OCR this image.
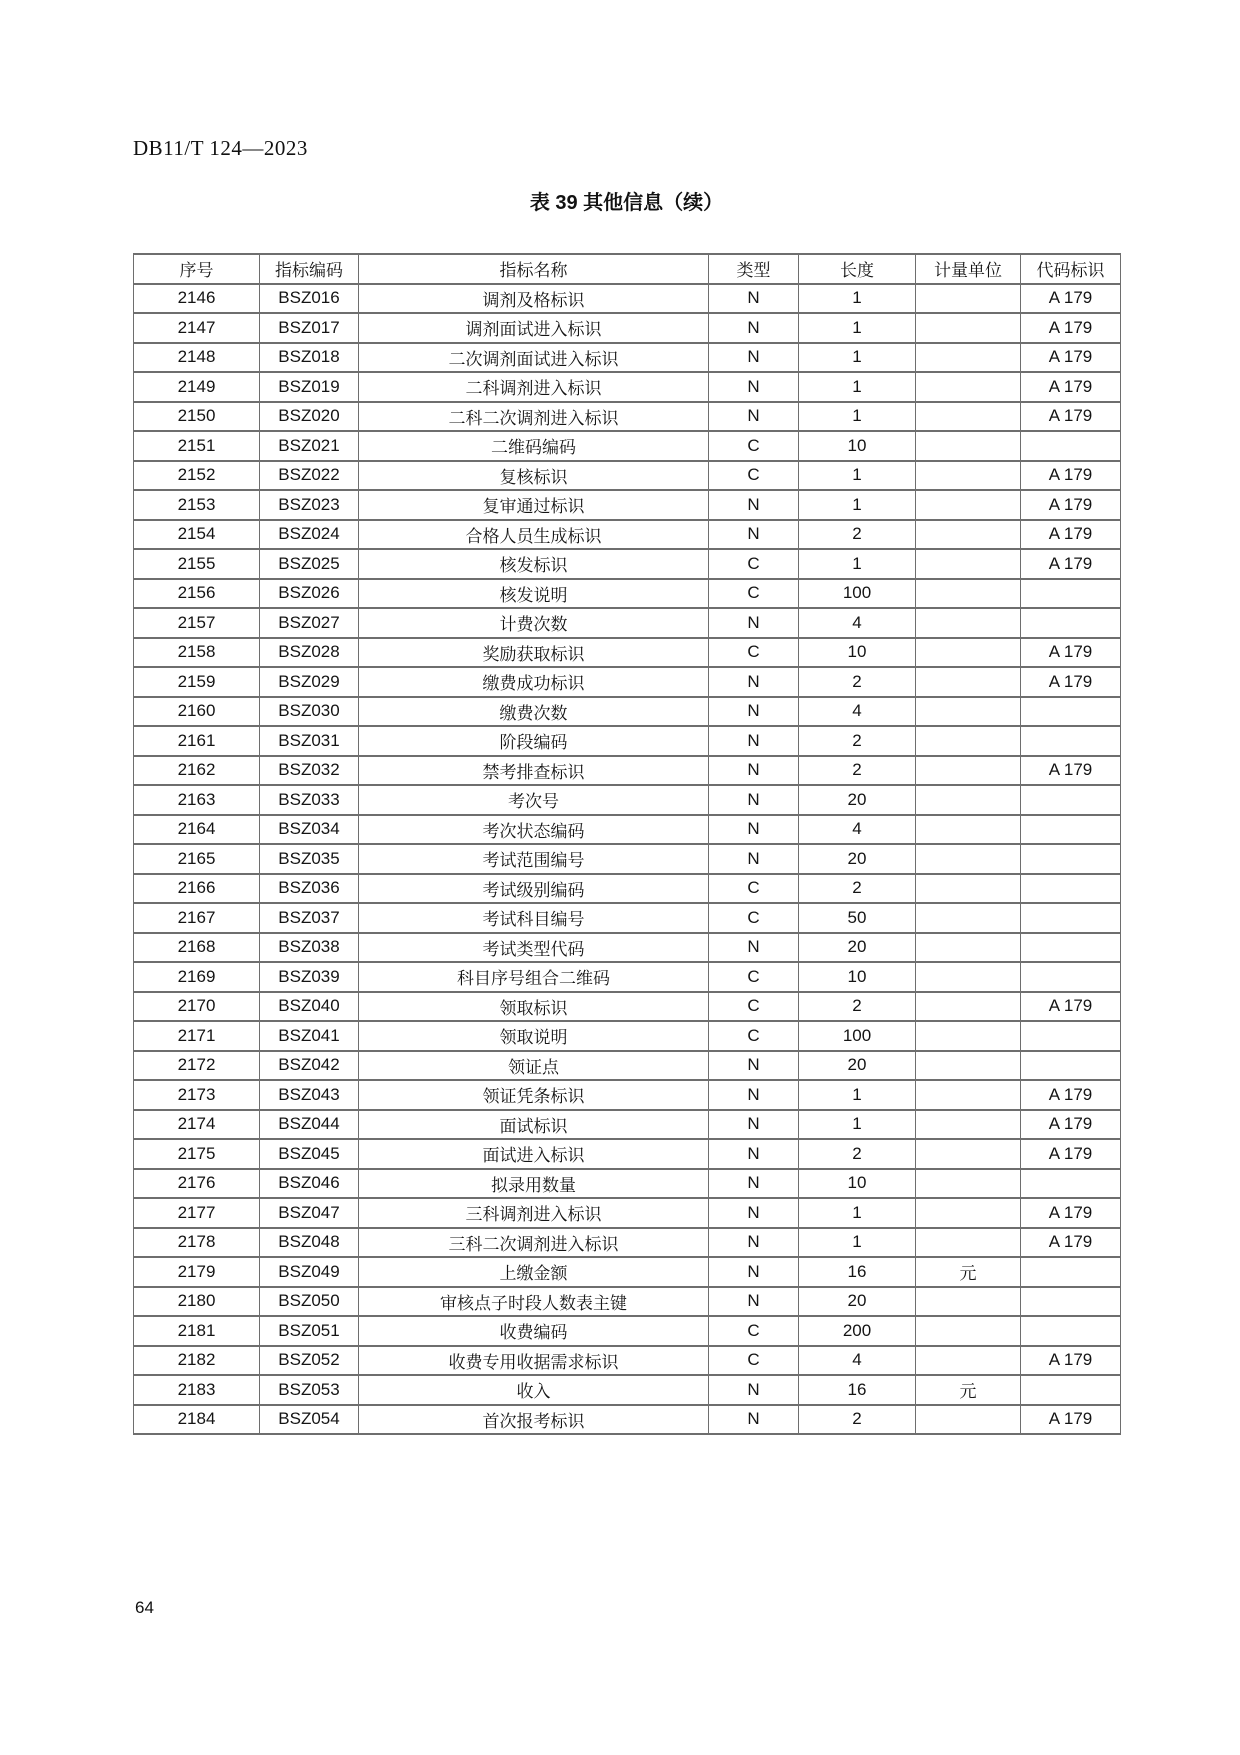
DB11/T 124—2023
表 39 其他信息（续）
序号	指标编码	指标名称	类型	长度	计量单位	代码标识
2146	BSZ016	调剂及格标识	N	1		A 179
2147	BSZ017	调剂面试进入标识	N	1		A 179
2148	BSZ018	二次调剂面试进入标识	N	1		A 179
2149	BSZ019	二科调剂进入标识	N	1		A 179
2150	BSZ020	二科二次调剂进入标识	N	1		A 179
2151	BSZ021	二维码编码	C	10		
2152	BSZ022	复核标识	C	1		A 179
2153	BSZ023	复审通过标识	N	1		A 179
2154	BSZ024	合格人员生成标识	N	2		A 179
2155	BSZ025	核发标识	C	1		A 179
2156	BSZ026	核发说明	C	100		
2157	BSZ027	计费次数	N	4		
2158	BSZ028	奖励获取标识	C	10		A 179
2159	BSZ029	缴费成功标识	N	2		A 179
2160	BSZ030	缴费次数	N	4		
2161	BSZ031	阶段编码	N	2		
2162	BSZ032	禁考排查标识	N	2		A 179
2163	BSZ033	考次号	N	20		
2164	BSZ034	考次状态编码	N	4		
2165	BSZ035	考试范围编号	N	20		
2166	BSZ036	考试级别编码	C	2		
2167	BSZ037	考试科目编号	C	50		
2168	BSZ038	考试类型代码	N	20		
2169	BSZ039	科目序号组合二维码	C	10		
2170	BSZ040	领取标识	C	2		A 179
2171	BSZ041	领取说明	C	100		
2172	BSZ042	领证点	N	20		
2173	BSZ043	领证凭条标识	N	1		A 179
2174	BSZ044	面试标识	N	1		A 179
2175	BSZ045	面试进入标识	N	2		A 179
2176	BSZ046	拟录用数量	N	10		
2177	BSZ047	三科调剂进入标识	N	1		A 179
2178	BSZ048	三科二次调剂进入标识	N	1		A 179
2179	BSZ049	上缴金额	N	16	元	
2180	BSZ050	审核点子时段人数表主键	N	20		
2181	BSZ051	收费编码	C	200		
2182	BSZ052	收费专用收据需求标识	C	4		A 179
2183	BSZ053	收入	N	16	元	
2184	BSZ054	首次报考标识	N	2		A 179
64
